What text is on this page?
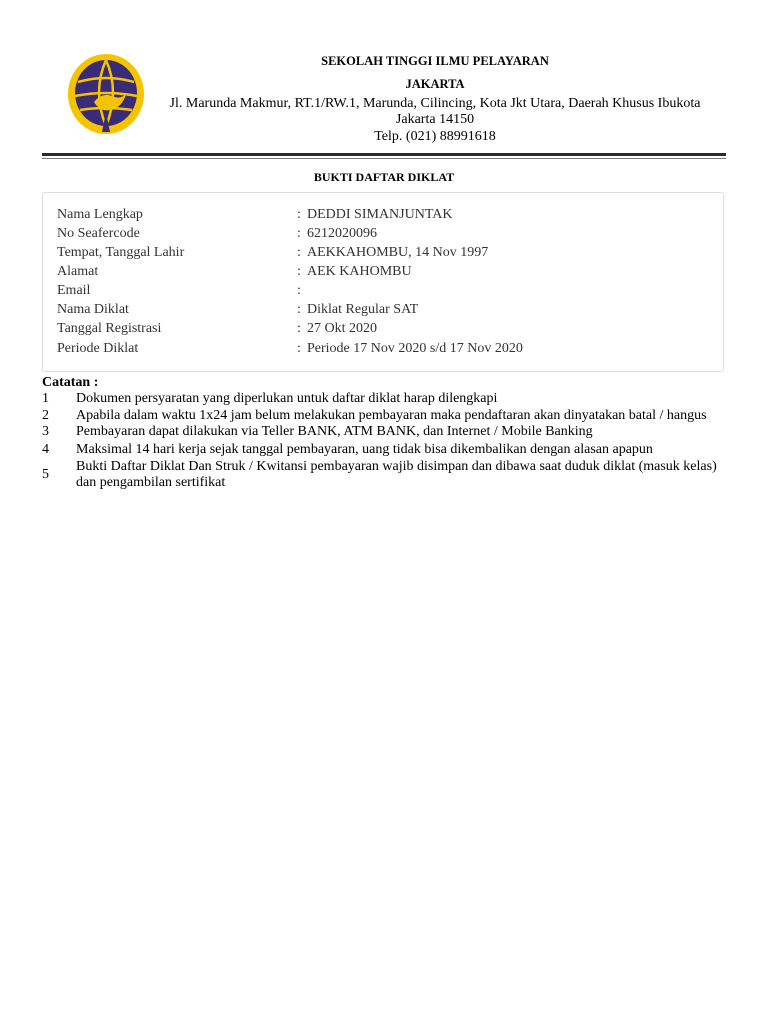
SEKOLAH TINGGI ILMU PELAYARAN
JAKARTA
Jl. Marunda Makmur, RT.1/RW.1, Marunda, Cilincing, Kota Jkt Utara, Daerah Khusus Ibukota
Jakarta 14150
Telp. (021) 88991618
BUKTI DAFTAR DIKLAT
Nama Lengkap	: DEDDI SIMANJUNTAK
No Seafercode	: 6212020096
Tempat, Tanggal Lahir	: AEKKAHOMBU, 14 Nov 1997
Alamat	: AEK KAHOMBU
Email	:
Nama Diklat	: Diklat Regular SAT
Tanggal Registrasi	: 27 Okt 2020
Periode Diklat	: Periode 17 Nov 2020 s/d 17 Nov 2020
Catatan :
1 Dokumen persyaratan yang diperlukan untuk daftar diklat harap dilengkapi
2 Apabila dalam waktu 1x24 jam belum melakukan pembayaran maka pendaftaran akan dinyatakan batal / hangus
3 Pembayaran dapat dilakukan via Teller BANK, ATM BANK, dan Internet / Mobile Banking
4 Maksimal 14 hari kerja sejak tanggal pembayaran, uang tidak bisa dikembalikan dengan alasan apapun
5
Bukti Daftar Diklat Dan Struk / Kwitansi pembayaran wajib disimpan dan dibawa saat duduk diklat (masuk kelas) dan pengambilan sertifikat
